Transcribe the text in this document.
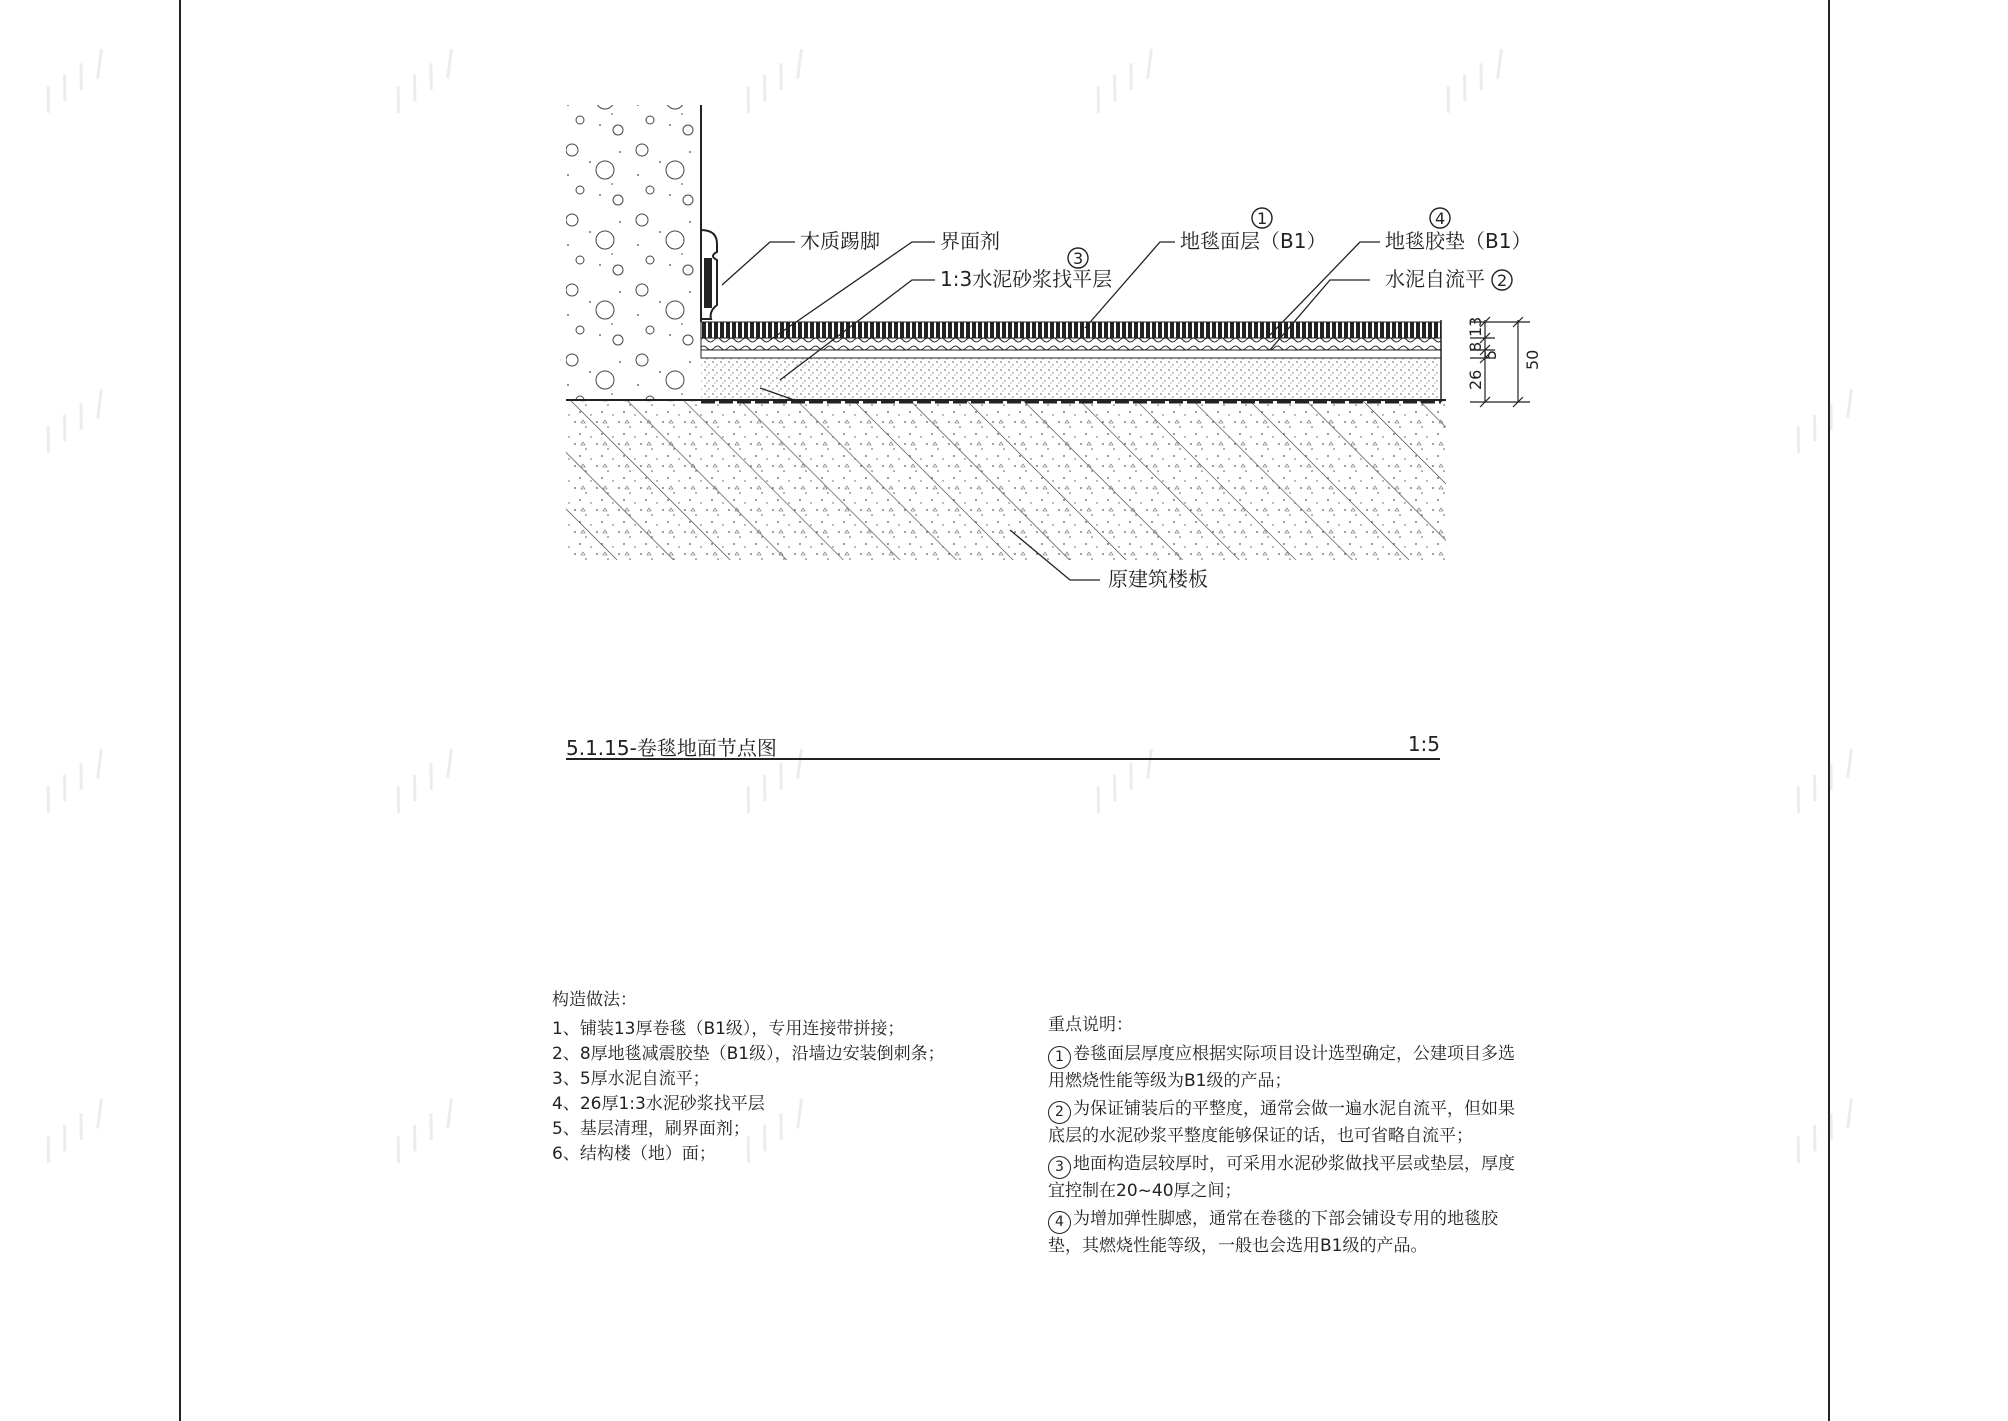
木质踢脚	界面剂
1:3水泥砂浆找平层
地毯面层（B1）	地毯胶垫（B1）
水泥自流平
原建筑楼板
1
2
3
4
13
8
5
26
50
5.1.15-卷毯地面节点图	1:5
构造做法：
1、铺装13厚卷毯（B1级），专用连接带拼接；
2、8厚地毯减震胶垫（B1级），沿墙边安装倒刺条；
3、5厚水泥自流平；
4、26厚1:3水泥砂浆找平层
5、基层清理，刷界面剂；
6、结构楼（地）面；
重点说明：
1 卷毯面层厚度应根据实际项目设计选型确定，公建项目多选用燃烧性能等级为B1级的产品；
2 为保证铺装后的平整度，通常会做一遍水泥自流平，但如果底层的水泥砂浆平整度能够保证的话，也可省略自流平；
3 地面构造层较厚时，可采用水泥砂浆做找平层或垫层，厚度宜控制在20~40厚之间；
4 为增加弹性脚感，通常在卷毯的下部会铺设专用的地毯胶垫，其燃烧性能等级，一般也会选用B1级的产品。
